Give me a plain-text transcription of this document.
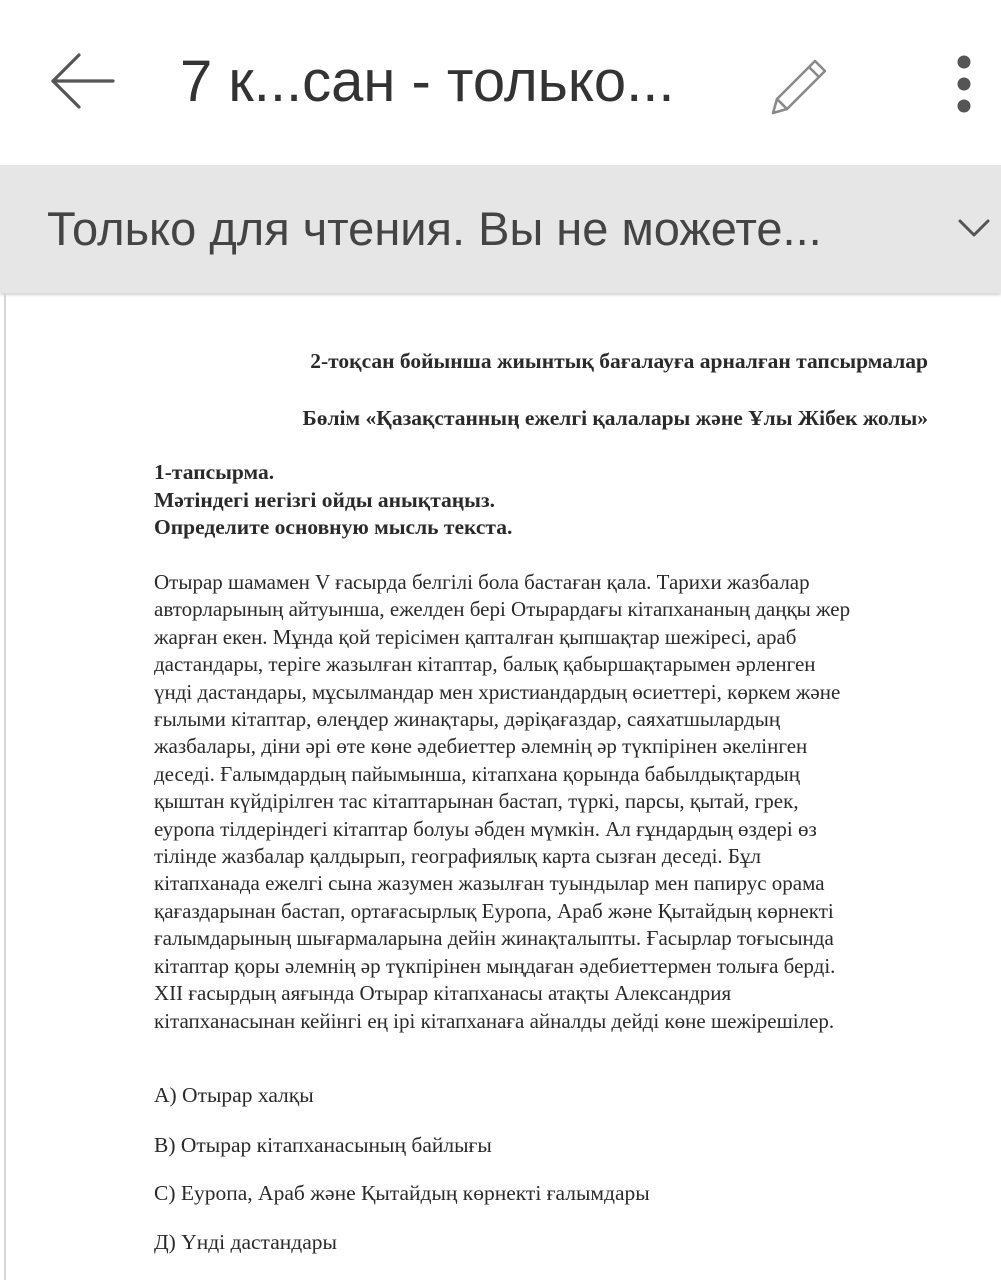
7 к...сан - только...
Только для чтения. Вы не можете...
2-тоқсан бойынша жиынтық бағалауға арналған тапсырмалар
Бөлім «Қазақстанның ежелгі қалалары және Ұлы Жібек жолы»
1-тапсырма.
Мәтіндегі негізгі ойды анықтаңыз.
Определите основную мысль текста.
Отырар шамамен V ғасырда белгілі бола бастаған қала. Тарихи жазбалар
авторларының айтуынша, ежелден бері Отырардағы кітапхананың даңқы жер
жарған екен. Мұнда қой терісімен қапталған қыпшақтар шежіресі, араб
дастандары, теріге жазылған кітаптар, балық қабыршақтарымен әрленген
үнді дастандары, мұсылмандар мен христиандардың өсиеттері, көркем және
ғылыми кітаптар, өлеңдер жинақтары, дәріқағаздар, саяхатшылардың
жазбалары, діни әрі өте көне әдебиеттер әлемнің әр түкпірінен әкелінген
деседі. Ғалымдардың пайымынша, кітапхана қорында бабылдықтардың
қыштан күйдірілген тас кітаптарынан бастап, түркі, парсы, қытай, грек,
еуропа тілдеріндегі кітаптар болуы әбден мүмкін. Ал ғұндардың өздері өз
тілінде жазбалар қалдырып, географиялық карта сызған деседі. Бұл
кітапханада ежелгі сына жазумен жазылған туындылар мен папирус орама
қағаздарынан бастап, ортағасырлық Еуропа, Араб және Қытайдың көрнекті
ғалымдарының шығармаларына дейін жинақталыпты. Ғасырлар тоғысында
кітаптар қоры әлемнің әр түкпірінен мыңдаған әдебиеттермен толыға берді.
XII ғасырдың аяғында Отырар кітапханасы атақты Александрия
кітапханасынан кейінгі ең ірі кітапханаға айналды дейді көне шежірешілер.
А) Отырар халқы
В) Отырар кітапханасының байлығы
С) Еуропа, Араб және Қытайдың көрнекті ғалымдары
Д) Үнді дастандары
